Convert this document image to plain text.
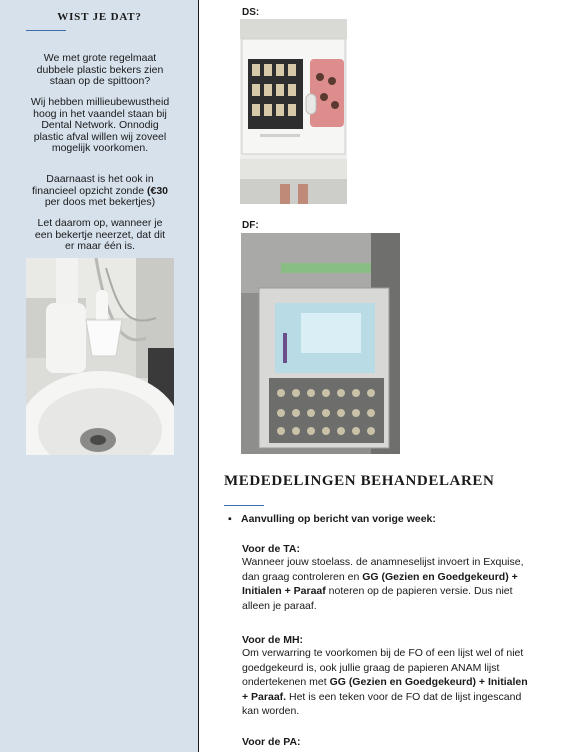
WIST JE DAT?
We met grote regelmaat dubbele plastic bekers zien staan op de spittoon?
Wij hebben millieubewustheid hoog in het vaandel staan bij Dental Network. Onnodig plastic afval willen wij zoveel mogelijk voorkomen.
Daarnaast is het ook in financieel opzicht zonde (€30 per doos met bekertjes)
Let daarom op, wanneer je een bekertje neerzet, dat dit er maar één is.
DS:
DF:
MEDEDELINGEN BEHANDELAREN
▪ Aanvulling op bericht van vorige week:
Voor de TA:
Wanneer jouw stoelass. de anamneselijst invoert in Exquise,
dan graag controleren en GG (Gezien en Goedgekeurd) +
Initialen + Paraaf noteren op de papieren versie. Dus niet
alleen je paraaf.
Voor de MH:
Om verwarring te voorkomen bij de FO of een lijst wel of niet
goedgekeurd is, ook jullie graag de papieren ANAM lijst
ondertekenen met GG (Gezien en Goedgekeurd) + Initialen
+ Paraaf. Het is een teken voor de FO dat de lijst ingescand
kan worden.
Voor de PA:
